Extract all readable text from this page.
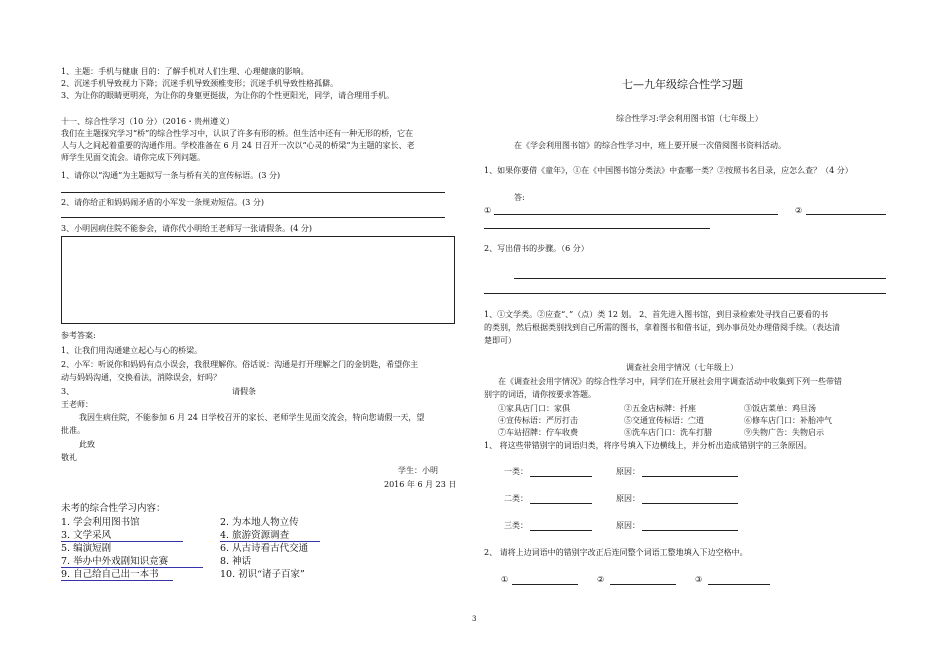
1、主题：手机与健康 目的：了解手机对人们生理、心理健康的影响。
2、沉迷手机导致视力下降；沉迷手机导致颈椎变形；沉迷手机导致性格孤僻。
3、为让你的眼睛更明亮，为让你的身躯更挺拔，为让你的个性更阳光，同学，请合理用手机。
十一、综合性学习（10 分）（2016・贵州遵义）
我们在主题探究学习“桥”的综合性学习中，认识了许多有形的桥。但生活中还有一种无形的桥，它在
人与人之间起着重要的沟通作用。学校准备在 6 月 24 日召开一次以“心灵的桥梁”为主题的家长、老
师学生见面交流会。请你完成下列问题。
1、请你以“沟通”为主题拟写一条与桥有关的宣传标语。(3 分)
2、请你给正和妈妈闹矛盾的小军发一条规劝短信。(3 分)
3、小明因病住院不能参会，请你代小明给王老师写一张请假条。(4 分)
参考答案:
1、让我们用沟通建立起心与心的桥梁。
2、小军：听说你和妈妈有点小误会，我很理解你。俗话说：沟通是打开理解之门的金钥匙，希望你主
动与妈妈沟通，交换看法，消除误会，好吗？
3、	请假条
王老师：
我因生病住院，不能参加 6 月 24 日学校召开的家长、老师学生见面交流会，特向您请假一天，望
批准。
此致
敬礼
学生：小明
2016 年 6 月 23 日
未考的综合性学习内容：
1. 学会利用图书馆	2. 为本地人物立传
3. 文学采风	4. 旅游资源调查
5. 编演短剧	6. 从古诗看古代交通
7. 举办中外戏剧知识竞赛	8. 神话
9. 自己给自己出一本书	10. 初识“诸子百家”
七—九年级综合性学习题
综合性学习:学会利用图书馆（七年级上）
在《学会利用图书馆》的综合性学习中，班上要开展一次借阅图书资料活动。
1、如果你要借《童年》，①在《中国图书馆分类法》中查哪一类？②按照书名目录，应怎么查？（4 分）
答:
①	②
2、写出借书的步骤。（6 分）
1、①文学类。②应查“、”（点）类 12 划。 2、首先进入图书馆，到目录检索处寻找自己要看的书
的类别，然后根据类别找到自己所需的图书，拿着图书和借书证，到办事员处办理借阅手续。（表达清
楚即可）
调查社会用字情况（七年级上）
在《调查社会用字情况》的综合性学习中，同学们在开展社会用字调查活动中收集到下列一些带错
别字的词语，请你按要求答题。
①家具店门口：家俱	②五金店标牌：扦座	③饭店菜单：鸡旦汤
④宣传标语：严厉打击	⑤交通宣传标语：㝉道	⑥修车店门口：补胎冲气
⑦车站招牌：佇车收费	⑧洗车店门口：洗车打腊	⑨失物广告：失物启示
1、 将这些带错别字的词语归类，将序号填入下边横线上，并分析出造成错别字的三条原因。
一类：	原因：
二类：	原因：
三类：	原因：
2、 请将上边词语中的错别字改正后连同整个词语工整地填入下边空格中。
①	②	③
3
